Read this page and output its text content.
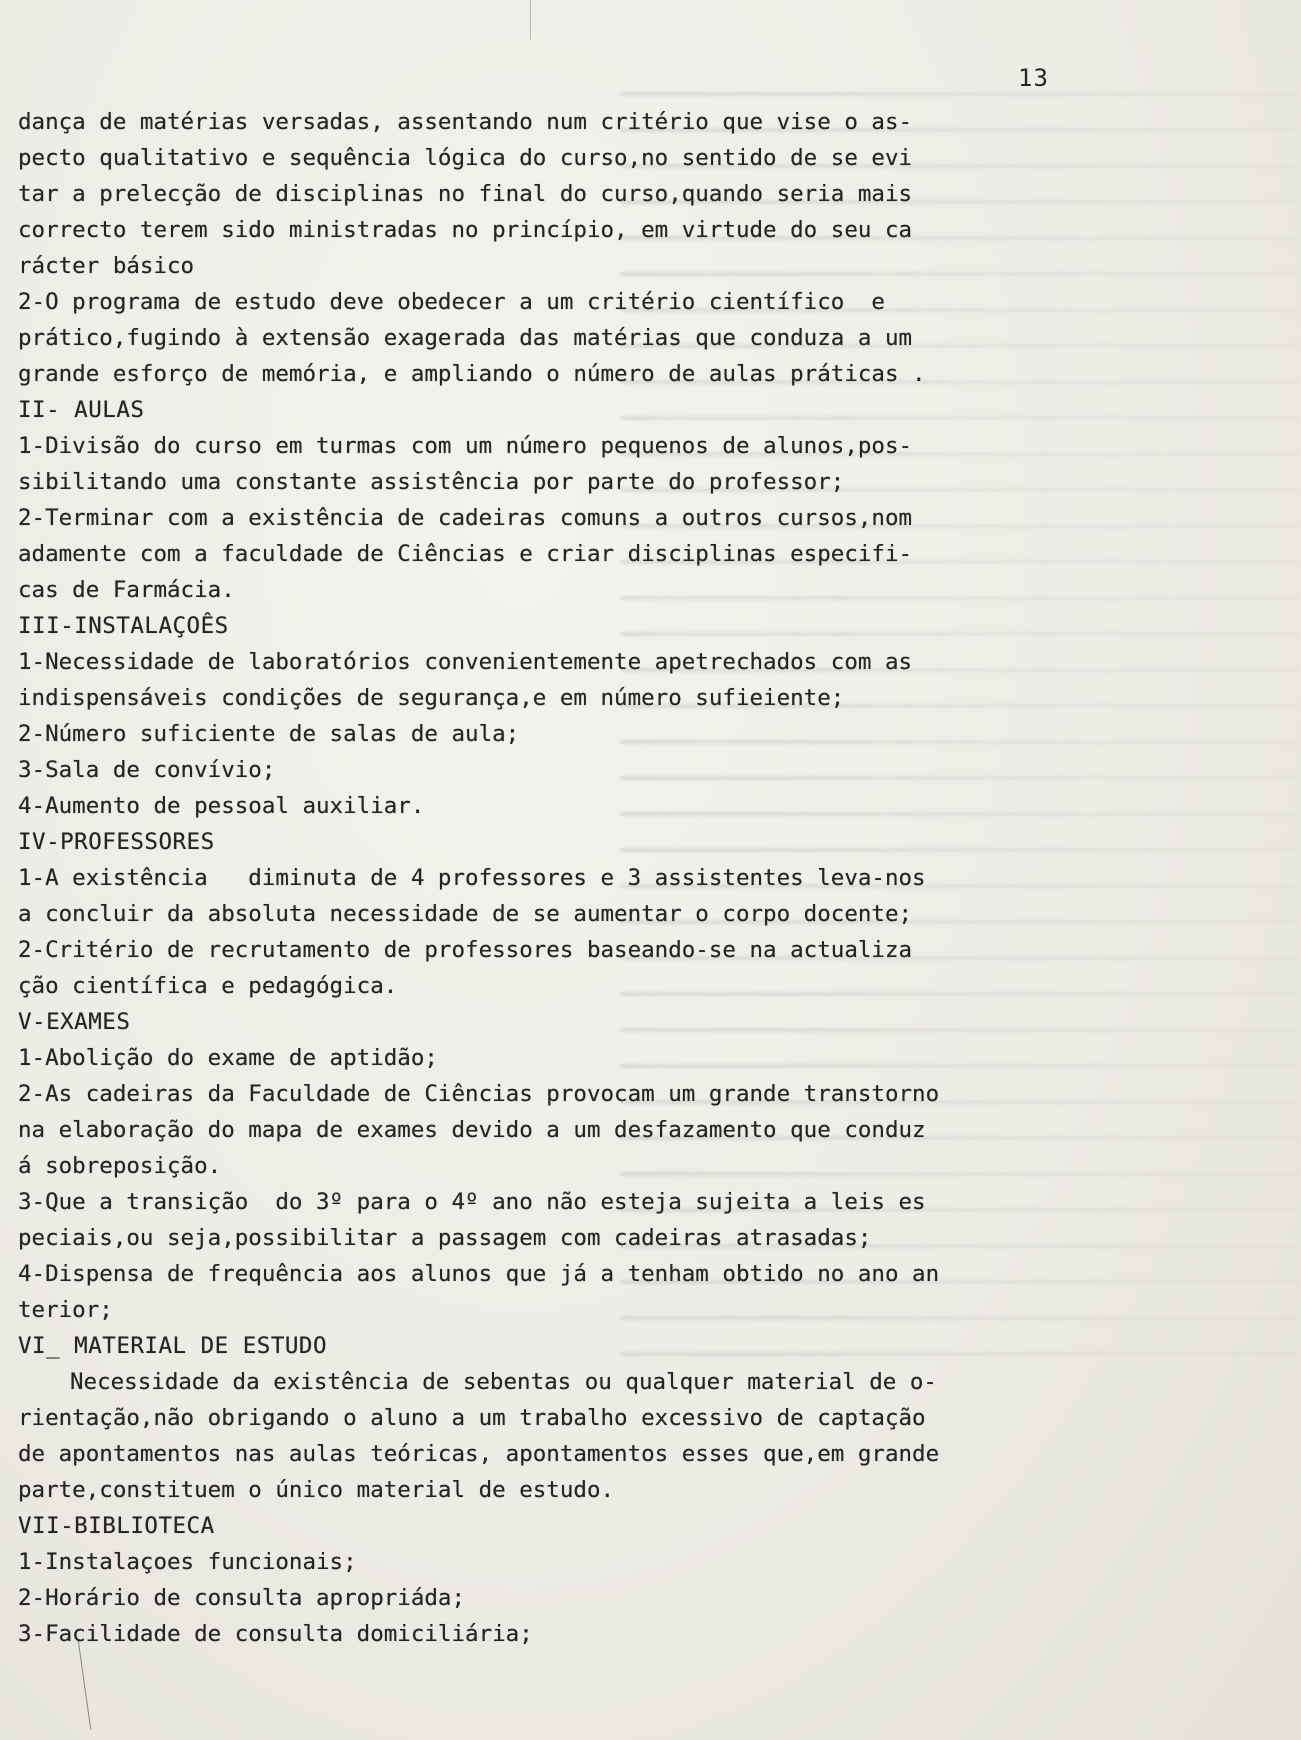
13

dança de matérias versadas, assentando num critério que vise o as-
pecto qualitativo e sequência lógica do curso,no sentido de se evi
tar a prelecção de disciplinas no final do curso,quando seria mais
correcto terem sido ministradas no princípio, em virtude do seu ca
rácter básico
2-O programa de estudo deve obedecer a um critério científico  e
prático,fugindo à extensão exagerada das matérias que conduza a um
grande esforço de memória, e ampliando o número de aulas práticas .
II- AULAS
1-Divisão do curso em turmas com um número pequenos de alunos,pos-
sibilitando uma constante assistência por parte do professor;
2-Terminar com a existência de cadeiras comuns a outros cursos,nom
adamente com a faculdade de Ciências e criar disciplinas especifi-
cas de Farmácia.
III-INSTALAÇOÊS
1-Necessidade de laboratórios convenientemente apetrechados com as
indispensáveis condições de segurança,e em número sufieiente;
2-Número suficiente de salas de aula;
3-Sala de convívio;
4-Aumento de pessoal auxiliar.
IV-PROFESSORES
1-A existência   diminuta de 4 professores e 3 assistentes leva-nos
a concluir da absoluta necessidade de se aumentar o corpo docente;
2-Critério de recrutamento de professores baseando-se na actualiza
ção científica e pedagógica.
V-EXAMES
1-Abolição do exame de aptidão;
2-As cadeiras da Faculdade de Ciências provocam um grande transtorno
na elaboração do mapa de exames devido a um desfazamento que conduz
á sobreposição.
3-Que a transição  do 3º para o 4º ano não esteja sujeita a leis es
peciais,ou seja,possibilitar a passagem com cadeiras atrasadas;
4-Dispensa de frequência aos alunos que já a tenham obtido no ano an
terior;
VI_ MATERIAL DE ESTUDO
Necessidade da existência de sebentas ou qualquer material de o-
rientação,não obrigando o aluno a um trabalho excessivo de captação
de apontamentos nas aulas teóricas, apontamentos esses que,em grande
parte,constituem o único material de estudo.
VII-BIBLIOTECA
1-Instalaçoes funcionais;
2-Horário de consulta apropriáda;
3-Facilidade de consulta domiciliária;
